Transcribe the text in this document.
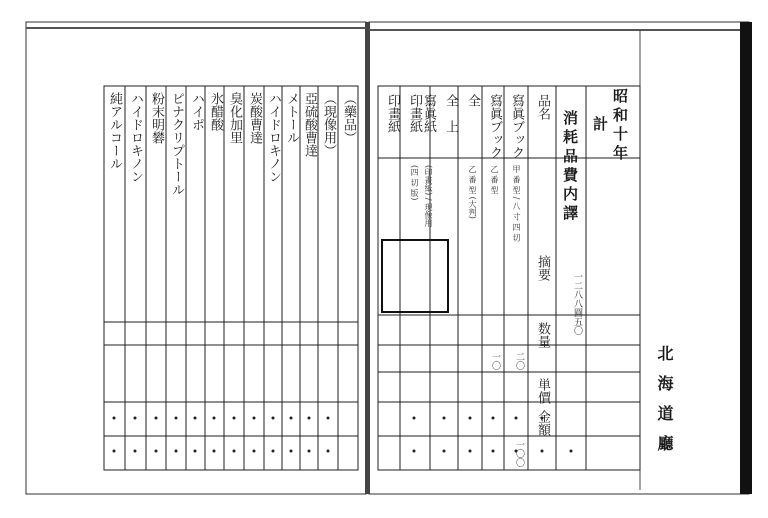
昭和十年
計
一二八八圓五〇
消耗品費内譯
品名
摘要
数量
単價
金額
寫眞ブック
甲 番 型 / 八 寸 四 切
二〇
一〇〇
寫眞ブック
乙 番 型
一〇
全
乙 番 型 (大判)
全　上
寫眞紙
(印畫紙) / 現像用
印畫紙
(四 切 版)
印畫紙
北海道廳
（藥品）
（現像用）
亞硫酸曹達
メトール
ハイドロキノン
炭酸曹達
臭化加里
氷醋酸
ハイポ
ピナクリプトール
粉末明礬
ハイドロキノン
純アルコール
